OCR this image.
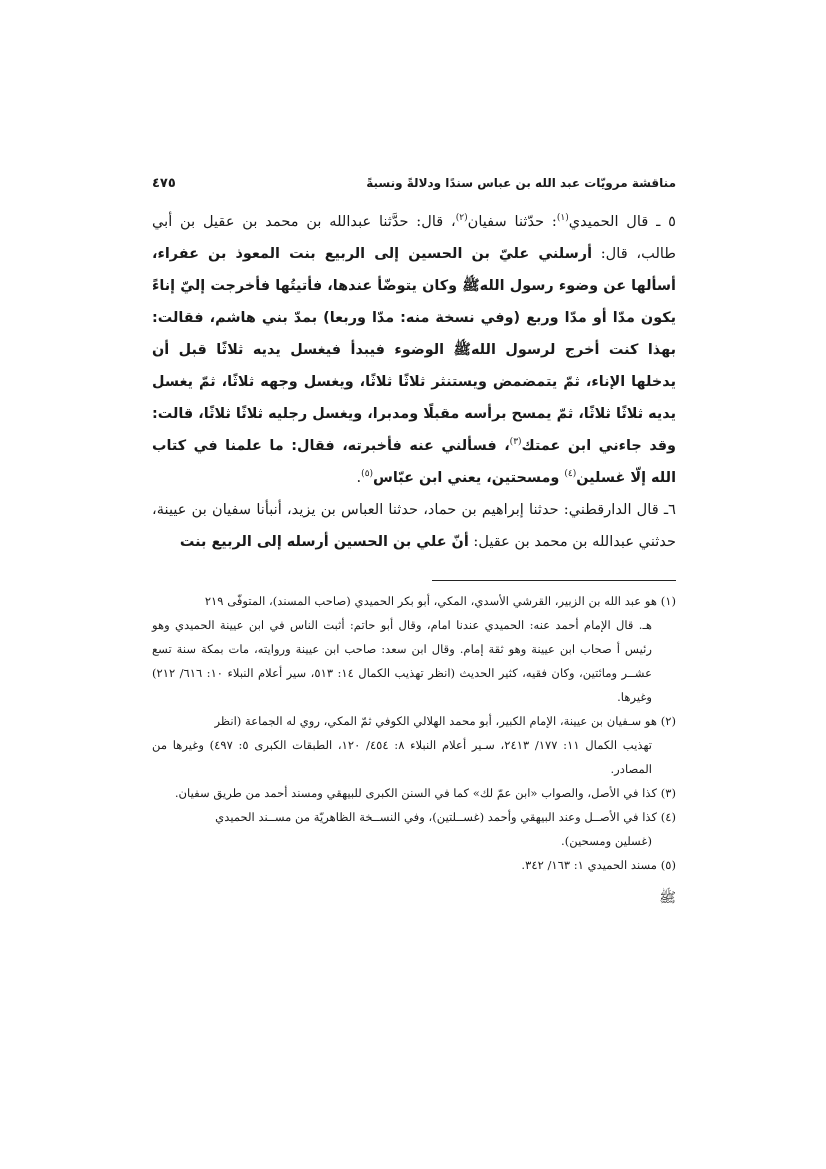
مناقشة مرويّات عبد الله بن عباس سندًا ودلالةً ونسبةً
٤٧٥

٥ ـ قال الحميدي$^{(١)}$: حدّثنا سفيان$^{(٢)}$، قال: حدَّثنا عبدالله بن محمد بن عقيل بن أبي طالب، قال: أرسلني عليّ بن الحسين إلى الربيع بنت المعوذ بن عفراء، أسألها عن وضوء رسول اللهﷺ وكان يتوضّأ عندها، فأتيتُها فأخرجت إليّ إناءً يكون مدّا أو مدّا وربع (وفي نسخة منه: مدّا وربعا) بمدّ بني هاشم، فقالت: بهذا كنت أخرج لرسول اللهﷺ الوضوء فيبدأ فيغسل يديه ثلاثًا قبل أن يدخلها الإناء، ثمّ يتمضمض ويستنثر ثلاثًا ثلاثًا، ويغسل وجهه ثلاثًا، ثمّ يغسل يديه ثلاثًا ثلاثًا، ثمّ يمسح برأسه مقبلًا ومدبرا، ويغسل رجليه ثلاثًا ثلاثًا، قالت: وقد جاءني ابن عمتك$^{(٣)}$، فسألني عنه فأخبرته، فقال: ما علمنا في كتاب الله إلّا غسلين$^{(٤)}$ ومسحتين، يعني ابن عبّاس$^{(٥)}$.

٦ـ قال الدارقطني: حدثنا إبراهيم بن حماد، حدثنا العباس بن يزيد، أنبأنا سفيان بن عيينة، حدثني عبدالله بن محمد بن عقيل: أنّ علي بن الحسين أرسله إلى الربيع بنت

(١) هو عبد الله بن الزبير، القرشي الأسدي، المكي، أبو بكر الحميدي (صاحب المسند)، المتوفّى ٢١٩
هـ. قال الإمام أحمد عنه: الحميدي عندنا امام، وقال أبو حاتم: أثبت الناس في ابن عيينة الحميدي وهو رئيس أ صحاب ابن عيينة وهو ثقة إمام. وقال ابن سعد: صاحب ابن عيينة وروايته، مات بمكة سنة تسع عشــر ومائتين، وكان فقيه، كثير الحديث (انظر تهذيب الكمال ١٤: ٥١٣، سير أعلام النبلاء ١٠: ٦١٦/ ٢١٢) وغيرها.

(٢) هو سـفيان بن عيينة، الإمام الكبير، أبو محمد الهلالي الكوفي ثمّ المكي، روي له الجماعة (انظر
تهذيب الكمال ١١: ١٧٧/ ٢٤١٣، سـير أعلام النبلاء ٨: ٤٥٤/ ١٢٠، الطبقات الكبرى ٥: ٤٩٧) وغيرها من المصادر.

(٣) كذا في الأصل، والصواب «ابن عمّ لك» كما في السنن الكبرى للبيهقي ومسند أحمد من طريق سفيان.

(٤) كذا في الأصــل وعند البيهقي وأحمد (غســلتين)، وفي النســخة الظاهريّة من مســند الحميدي
(غسلين ومسحين).

(٥) مسند الحميدي ١: ١٦٣/ ٣٤٢.

ﷺ
